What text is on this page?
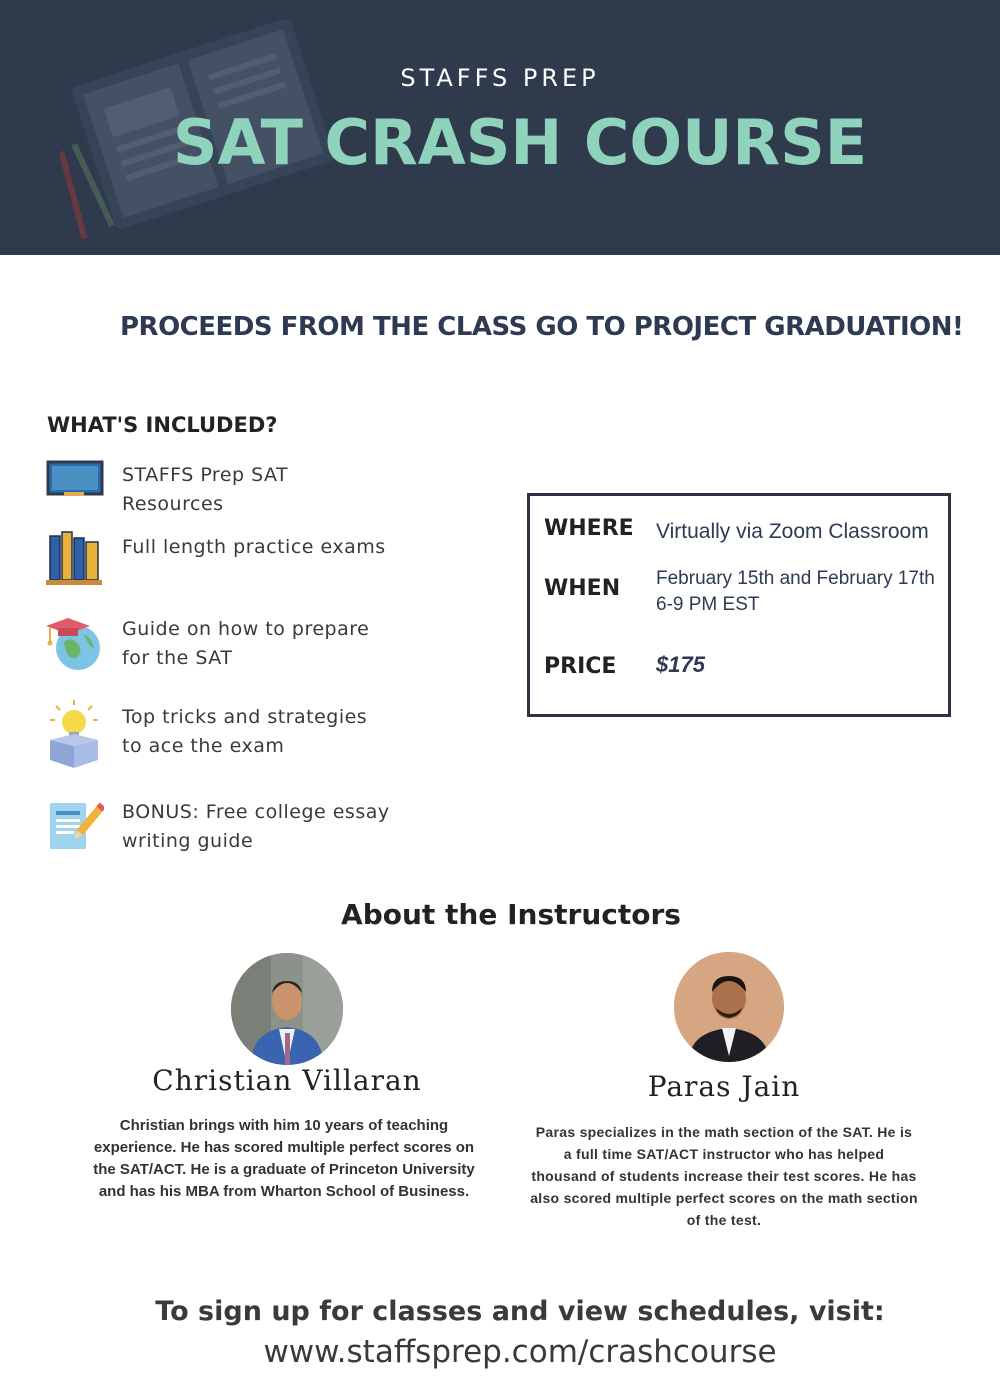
STAFFS PREP
SAT CRASH COURSE
PROCEEDS FROM THE CLASS GO TO PROJECT GRADUATION!
WHAT'S INCLUDED?
STAFFS Prep SAT Resources
Full length practice exams
Guide on how to prepare for the SAT
Top tricks and strategies to ace the exam
BONUS: Free college essay writing guide
WHERE Virtually via Zoom Classroom
WHEN February 15th and February 17th
6-9 PM EST
PRICE $175
About the Instructors
Christian Villaran
Christian brings with him 10 years of teaching experience. He has scored multiple perfect scores on the SAT/ACT. He is a graduate of Princeton University and has his MBA from Wharton School of Business.
Paras Jain
Paras specializes in the math section of the SAT. He is a full time SAT/ACT instructor who has helped thousand of students increase their test scores. He has also scored multiple perfect scores on the math section of the test.
To sign up for classes and view schedules, visit:
www.staffsprep.com/crashcourse
